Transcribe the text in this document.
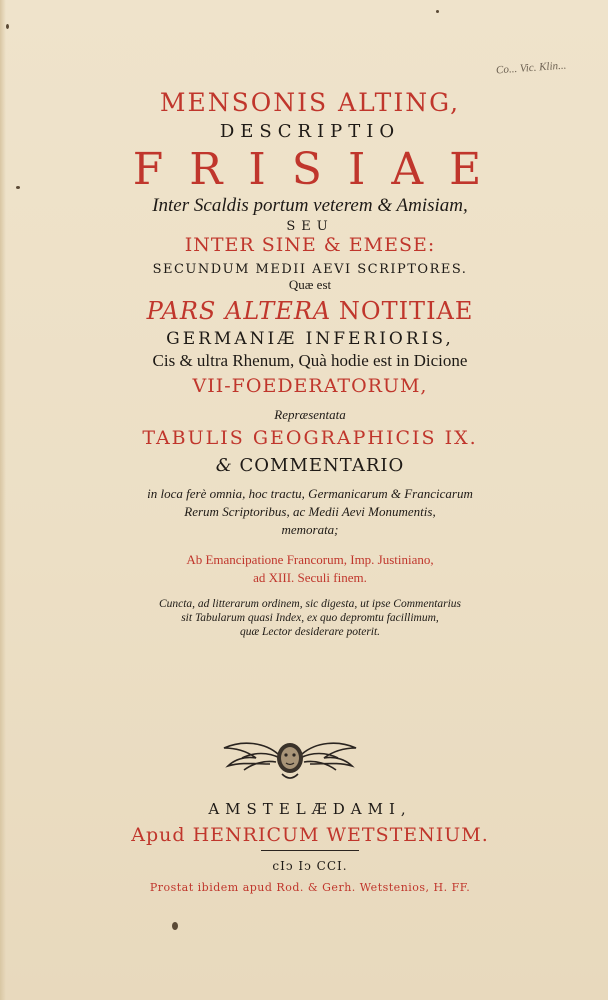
Co... Vic. Klin...
MENSONIS ALTING,
DESCRIPTIO
FRISIAE
Inter Scaldis portum veterem & Amisiam,
SEU
INTER SINE & EMESE:
SECUNDUM MEDII AEVI SCRIPTORES.
Quæ est
PARS ALTERA NOTITIAE
GERMANIÆ INFERIORIS,
Cis & ultra Rhenum, Quà hodie est in Dicione
VII-FOEDERATORUM,
Repræsentata
TABULIS GEOGRAPHICIS IX.
& COMMENTARIO
in loca ferè omnia, hoc tractu, Germanicarum & Francicarum
Rerum Scriptoribus, ac Medii Aevi Monumentis,
memorata;
Ab Emancipatione Francorum, Imp. Justiniano,
ad XIII. Seculi finem.
Cuncta, ad litterarum ordinem, sic digesta, ut ipse Commentarius
sit Tabularum quasi Index, ex quo depromtu facillimum,
quæ Lector desiderare poterit.
AMSTELÆDAMI,
Apud HENRICUM WETSTENIUM.
cIↄ Iↄ CCI.
Prostat ibidem apud Rod. & Gerh. Wetstenios, H. FF.
